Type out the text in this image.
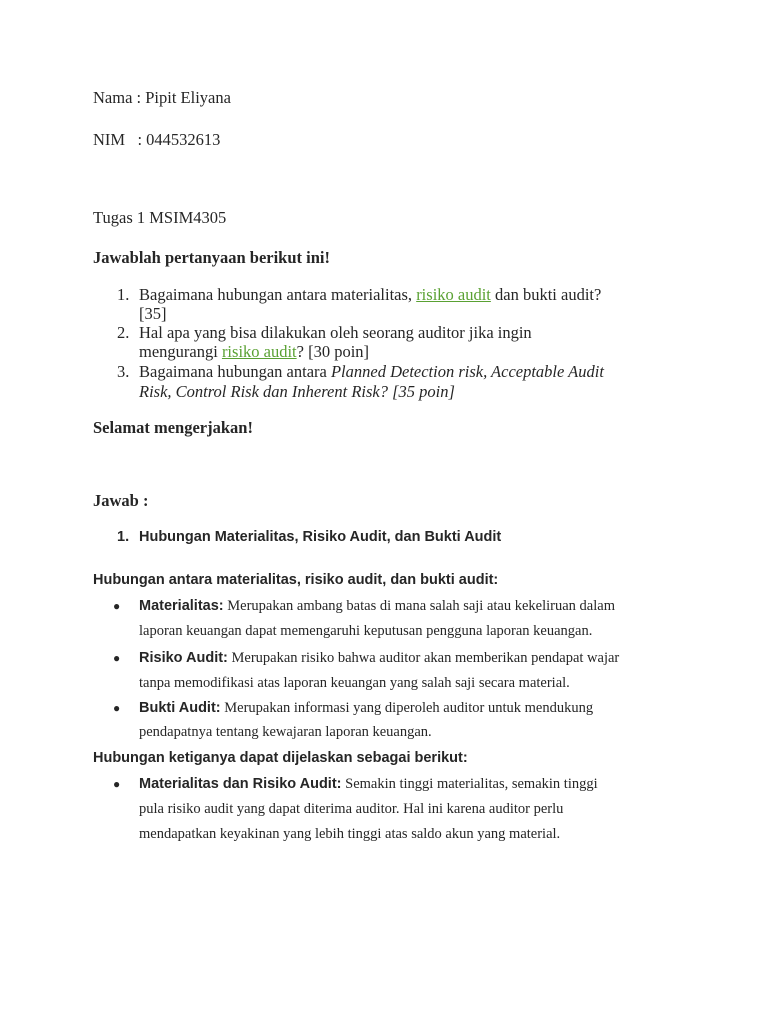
Nama : Pipit Eliyana
NIM   : 044532613
Tugas 1 MSIM4305
Jawablah pertanyaan berikut ini!
1. Bagaimana hubungan antara materialitas, risiko audit dan bukti audit?
[35]
2. Hal apa yang bisa dilakukan oleh seorang auditor jika ingin
mengurangi risiko audit? [30 poin]
3. Bagaimana hubungan antara Planned Detection risk, Acceptable Audit
Risk, Control Risk dan Inherent Risk? [35 poin]
Selamat mengerjakan!
Jawab :
1. Hubungan Materialitas, Risiko Audit, dan Bukti Audit
Hubungan antara materialitas, risiko audit, dan bukti audit:
● Materialitas: Merupakan ambang batas di mana salah saji atau kekeliruan dalam
laporan keuangan dapat memengaruhi keputusan pengguna laporan keuangan.
● Risiko Audit: Merupakan risiko bahwa auditor akan memberikan pendapat wajar
tanpa memodifikasi atas laporan keuangan yang salah saji secara material.
● Bukti Audit: Merupakan informasi yang diperoleh auditor untuk mendukung
pendapatnya tentang kewajaran laporan keuangan.
Hubungan ketiganya dapat dijelaskan sebagai berikut:
● Materialitas dan Risiko Audit: Semakin tinggi materialitas, semakin tinggi
pula risiko audit yang dapat diterima auditor. Hal ini karena auditor perlu
mendapatkan keyakinan yang lebih tinggi atas saldo akun yang material.
